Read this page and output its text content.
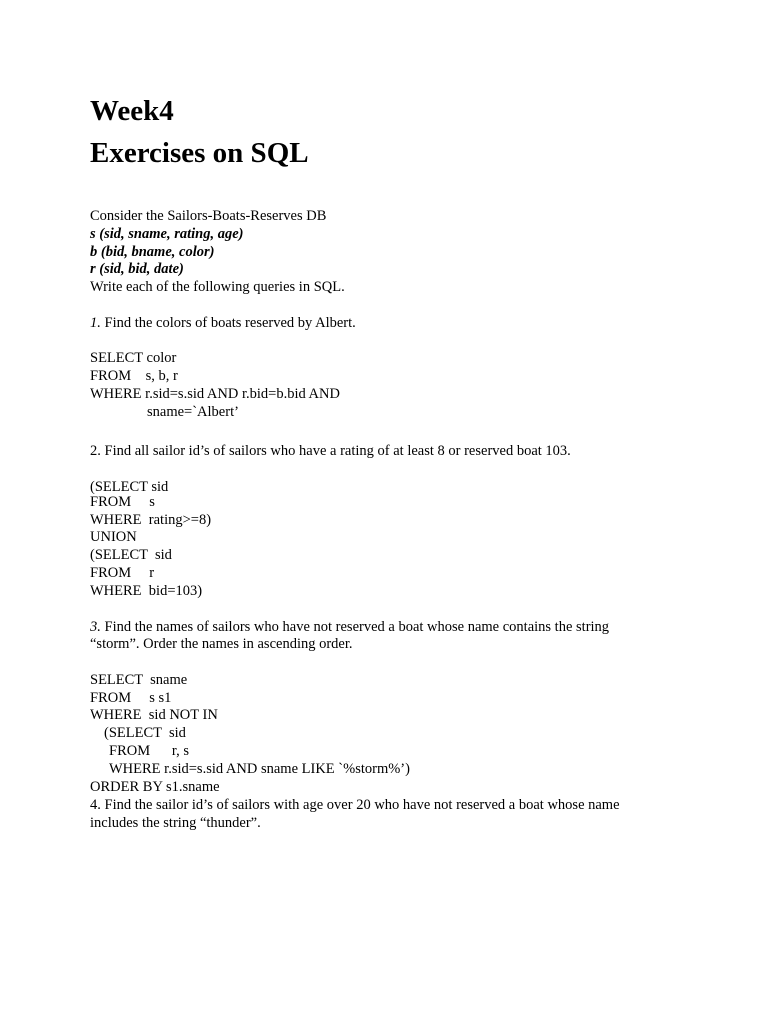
Week4
Exercises on SQL
Consider the Sailors-Boats-Reserves DB
s (sid, sname, rating, age)
b (bid, bname, color)
r (sid, bid, date)
Write each of the following queries in SQL.
1. Find the colors of boats reserved by Albert.
SELECT color
FROM    s, b, r
WHERE r.sid=s.sid AND r.bid=b.bid AND
sname=`Albert’
2. Find all sailor id’s of sailors who have a rating of at least 8 or reserved boat 103.
(SELECT sid
FROM     s
WHERE  rating>=8)
UNION
(SELECT  sid
FROM     r
WHERE  bid=103)
3. Find the names of sailors who have not reserved a boat whose name contains the string
“storm”. Order the names in ascending order.
SELECT  sname
FROM     s s1
WHERE  sid NOT IN
(SELECT  sid
FROM      r, s
WHERE r.sid=s.sid AND sname LIKE `%storm%’)
ORDER BY s1.sname
4. Find the sailor id’s of sailors with age over 20 who have not reserved a boat whose name
includes the string “thunder”.
